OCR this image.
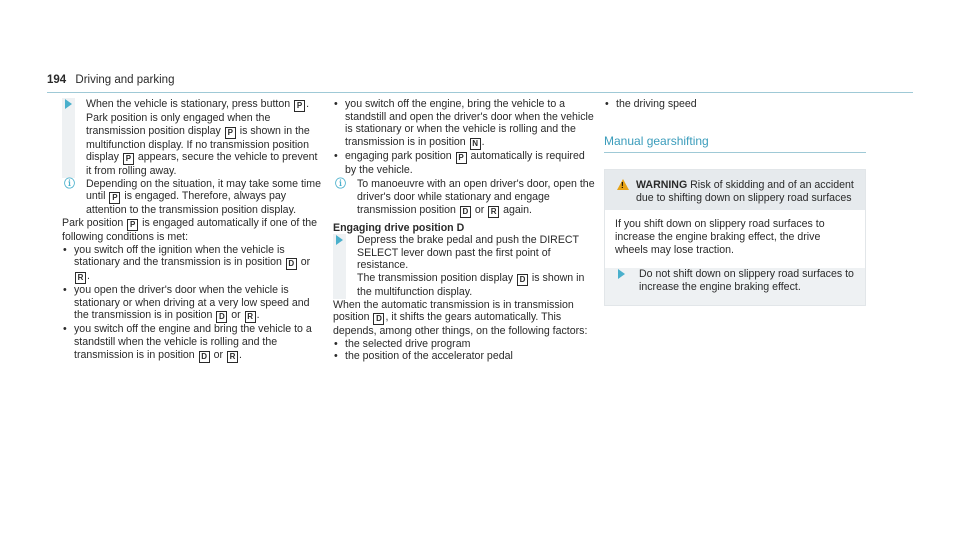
194 Driving and parking

When the vehicle is stationary, press button P .

Park position is only engaged when the transmission position display P is shown in the multifunction display. If no transmission position display P appears, secure the vehicle to prevent it from rolling away.

ⓘ Depending on the situation, it may take some time until P is engaged. Therefore, always pay attention to the transmission position display.

Park position P is engaged automatically if one of the following conditions is met:

• you switch off the ignition when the vehicle is stationary and the transmission is in position D or R .
• you open the driver's door when the vehicle is stationary or when driving at a very low speed and the transmission is in position D or R .
• you switch off the engine and bring the vehicle to a standstill when the vehicle is rolling and the transmission is in position D or R .
• you switch off the engine, bring the vehicle to a standstill and open the driver's door when the vehicle is stationary or when the vehicle is rolling and the transmission is in position N .
• engaging park position P automatically is required by the vehicle.
ⓘ To manoeuvre with an open driver's door, open the driver's door while stationary and engage transmission position D or R again.

Engaging drive position D

Depress the brake pedal and push the DIRECT SELECT lever down past the first point of resistance.

The transmission position display D is shown in the multifunction display.

When the automatic transmission is in transmission position D , it shifts the gears automatically. This depends, among other things, on the following factors:

• the selected drive program
• the position of the accelerator pedal
• the driving speed
Manual gearshifting
! WARNING Risk of skidding and of an accident due to shifting down on slippery road surfaces

If you shift down on slippery road surfaces to increase the engine braking effect, the drive wheels may lose traction.

Do not shift down on slippery road surfaces to increase the engine braking effect.
